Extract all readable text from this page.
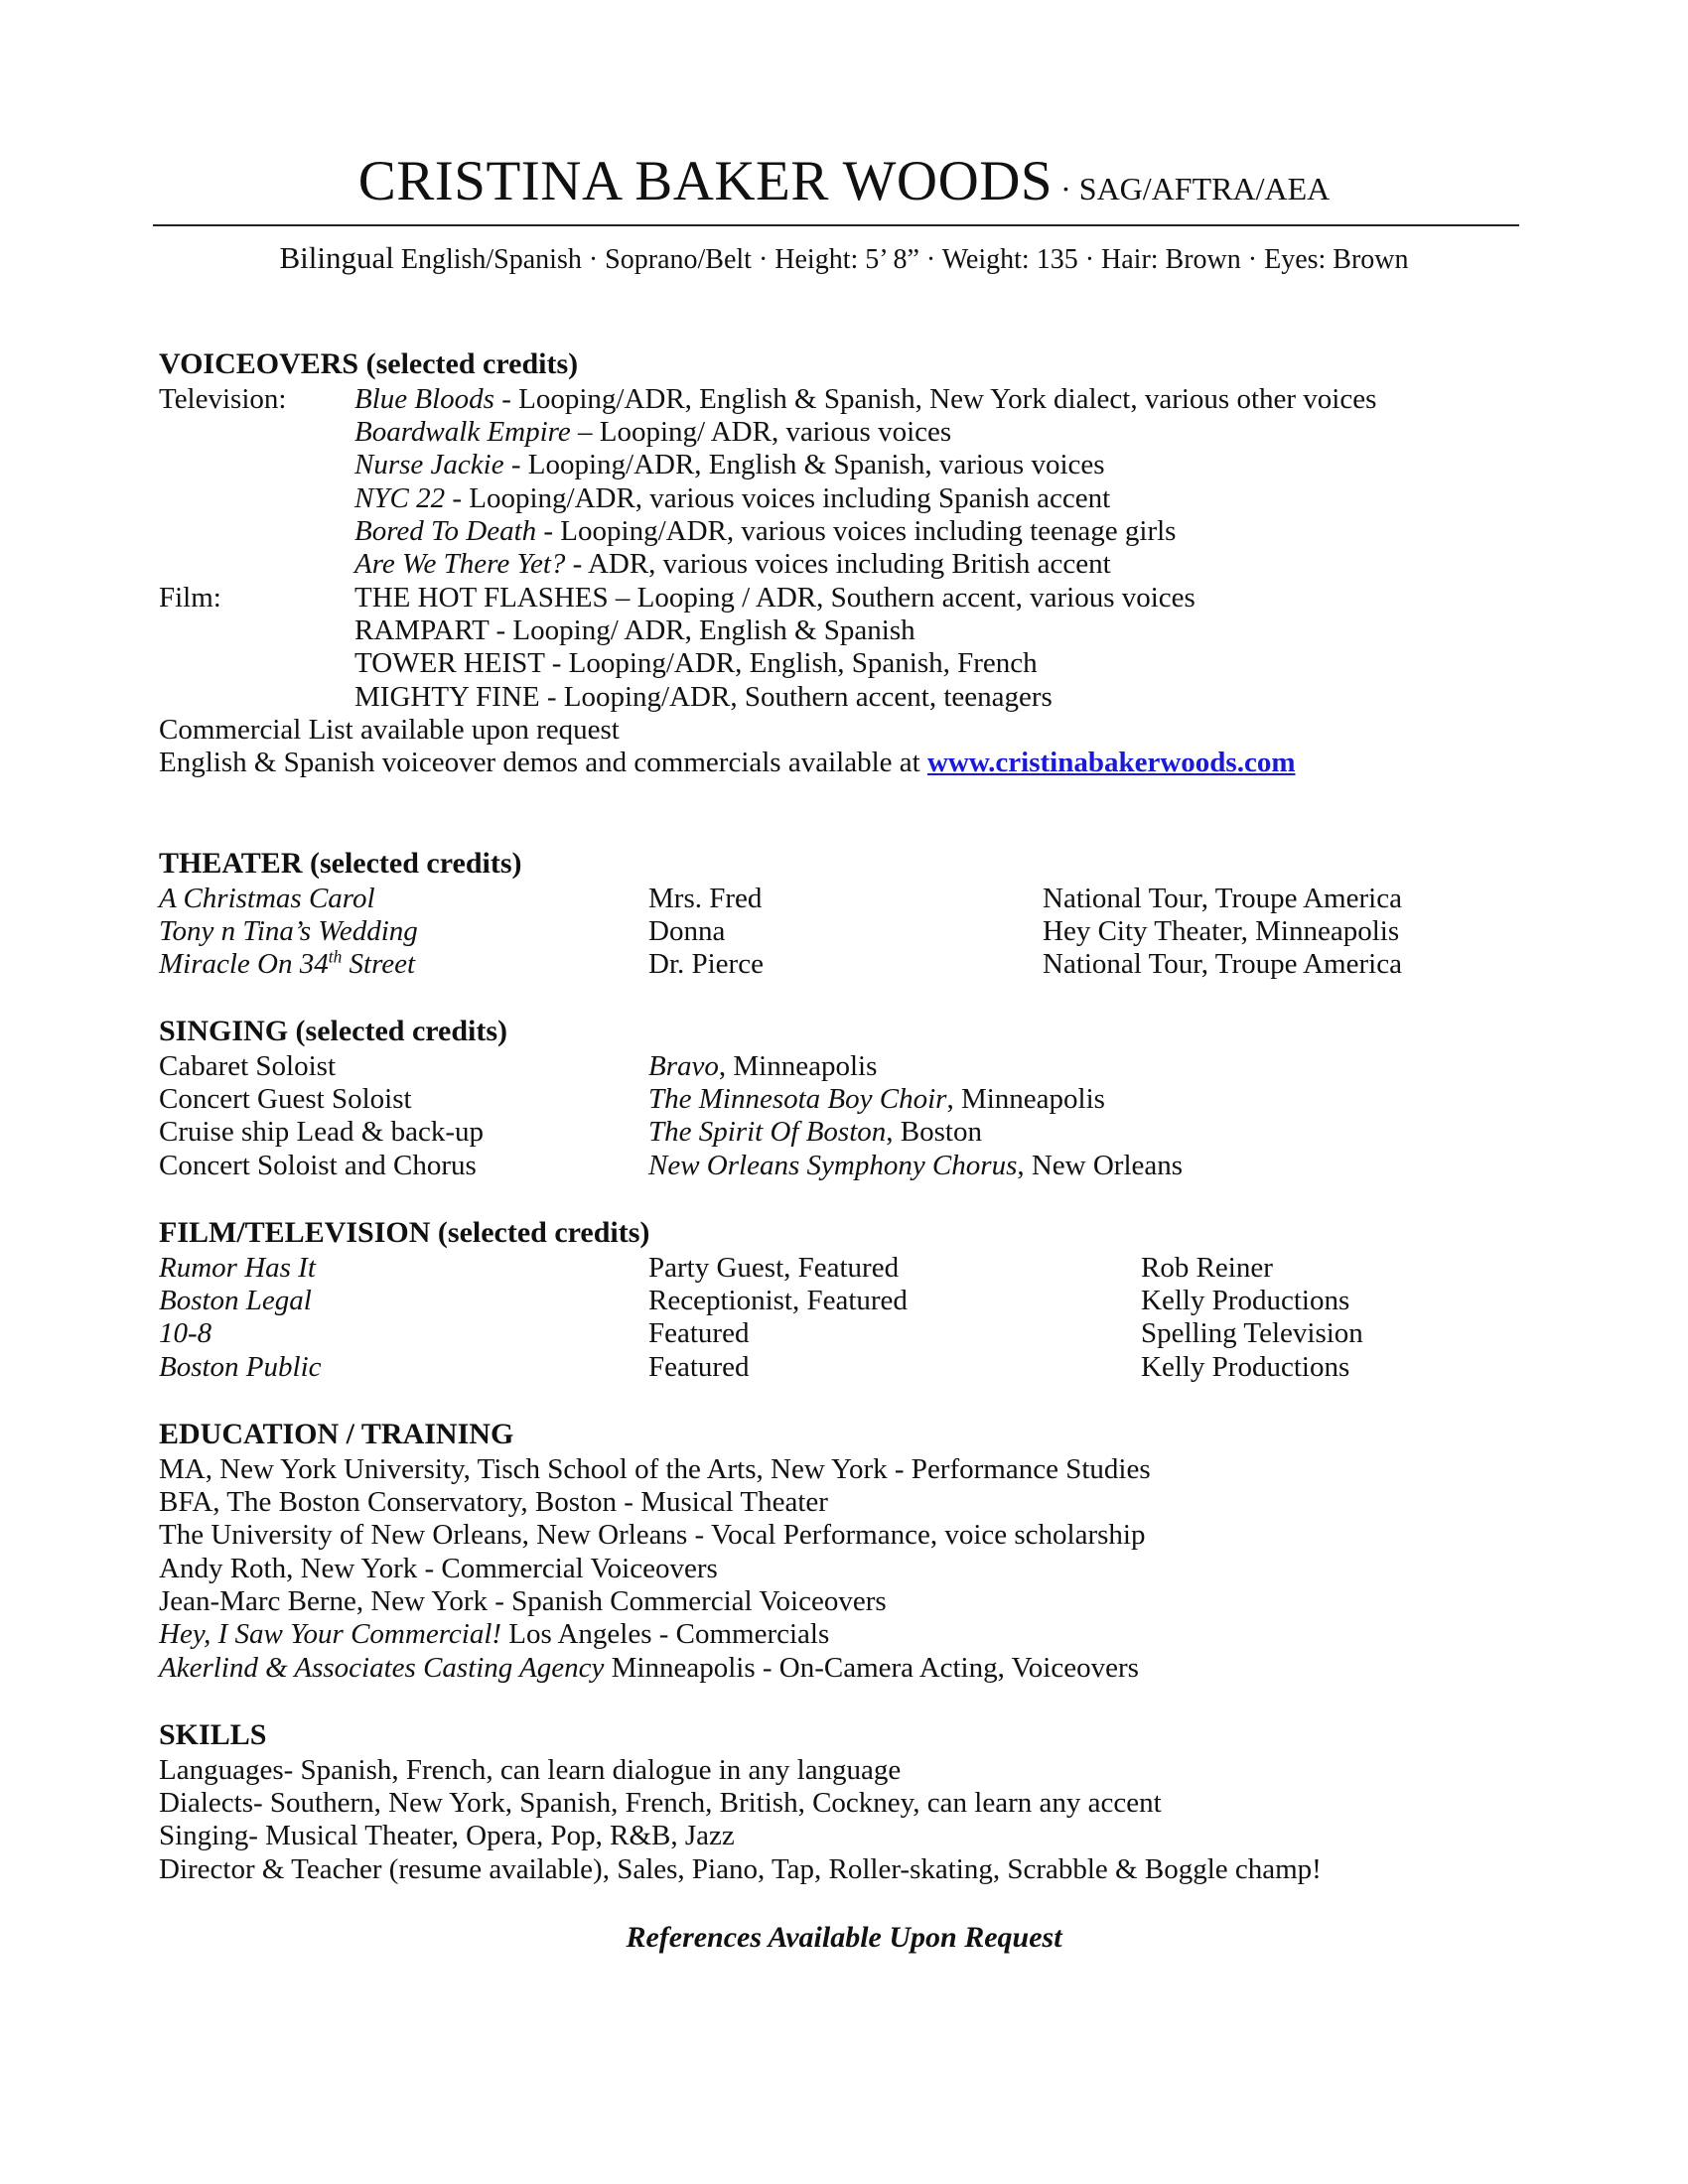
CRISTINA BAKER WOODS · SAG/AFTRA/AEA
Bilingual English/Spanish · Soprano/Belt · Height: 5’ 8” · Weight: 135 · Hair: Brown · Eyes: Brown
VOICEOVERS (selected credits)
Television: Blue Bloods - Looping/ADR, English & Spanish, New York dialect, various other voices
Boardwalk Empire – Looping/ ADR, various voices
Nurse Jackie - Looping/ADR, English & Spanish, various voices
NYC 22 - Looping/ADR, various voices including Spanish accent
Bored To Death - Looping/ADR, various voices including teenage girls
Are We There Yet? - ADR, various voices including British accent
Film:	THE HOT FLASHES – Looping / ADR, Southern accent, various voices
RAMPART - Looping/ ADR, English & Spanish
TOWER HEIST - Looping/ADR, English, Spanish, French
MIGHTY FINE - Looping/ADR, Southern accent, teenagers
Commercial List available upon request
English & Spanish voiceover demos and commercials available at www.cristinabakerwoods.com
THEATER (selected credits)
A Christmas Carol	Mrs. Fred	National Tour, Troupe America
Tony n Tina’s Wedding	Donna	Hey City Theater, Minneapolis
Miracle On 34th Street	Dr. Pierce	National Tour, Troupe America
SINGING (selected credits)
Cabaret Soloist	Bravo, Minneapolis
Concert Guest Soloist	The Minnesota Boy Choir, Minneapolis
Cruise ship Lead & back-up	The Spirit Of Boston, Boston
Concert Soloist and Chorus	New Orleans Symphony Chorus, New Orleans
FILM/TELEVISION (selected credits)
Rumor Has It	Party Guest, Featured	Rob Reiner
Boston Legal	Receptionist, Featured	Kelly Productions
10-8	Featured	Spelling Television
Boston Public	Featured	Kelly Productions
EDUCATION / TRAINING
MA, New York University, Tisch School of the Arts, New York - Performance Studies
BFA, The Boston Conservatory, Boston - Musical Theater
The University of New Orleans, New Orleans - Vocal Performance, voice scholarship
Andy Roth, New York - Commercial Voiceovers
Jean-Marc Berne, New York - Spanish Commercial Voiceovers
Hey, I Saw Your Commercial! Los Angeles - Commercials
Akerlind & Associates Casting Agency Minneapolis - On-Camera Acting, Voiceovers
SKILLS
Languages- Spanish, French, can learn dialogue in any language
Dialects- Southern, New York, Spanish, French, British, Cockney, can learn any accent
Singing- Musical Theater, Opera, Pop, R&B, Jazz
Director & Teacher (resume available), Sales, Piano, Tap, Roller-skating, Scrabble & Boggle champ!
References Available Upon Request
